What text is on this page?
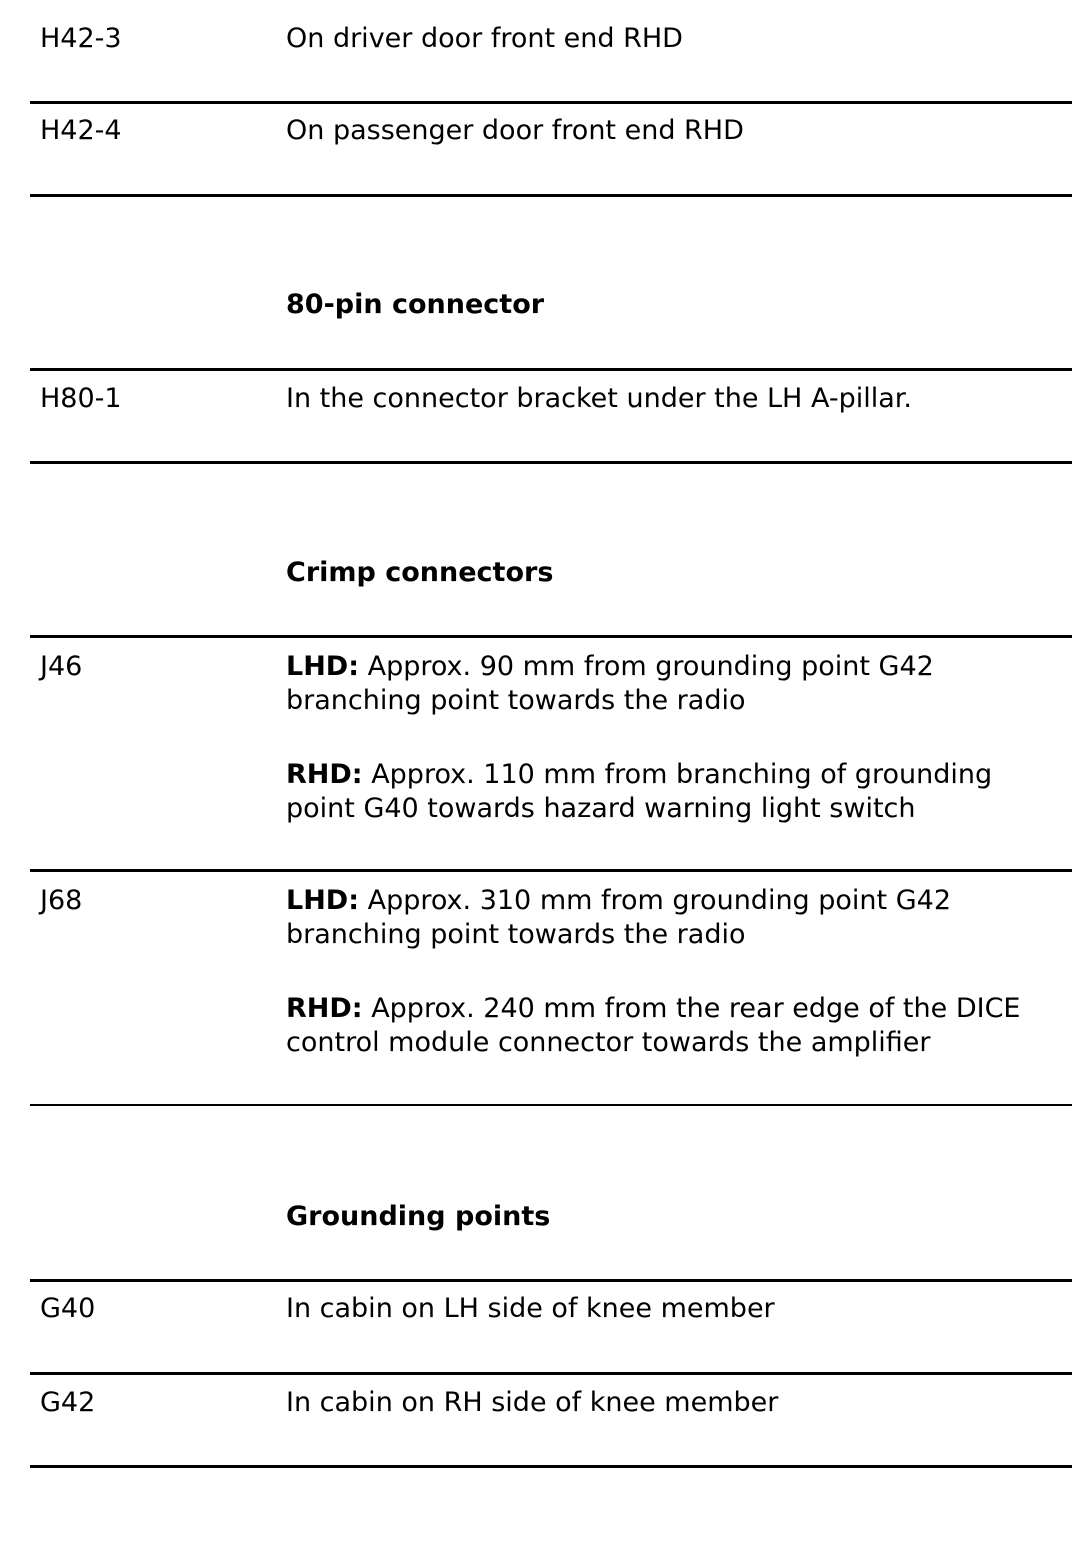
H42-3	On driver door front end RHD
H42-4	On passenger door front end RHD
80-pin connector
H80-1	In the connector bracket under the LH A-pillar.
Crimp connectors
J46	LHD: Approx. 90 mm from grounding point G42
branching point towards the radio

RHD: Approx. 110 mm from branching of grounding
point G40 towards hazard warning light switch

J68	LHD: Approx. 310 mm from grounding point G42
branching point towards the radio

RHD: Approx. 240 mm from the rear edge of the DICE
control module connector towards the amplifier

Grounding points
G40	In cabin on LH side of knee member
G42	In cabin on RH side of knee member
